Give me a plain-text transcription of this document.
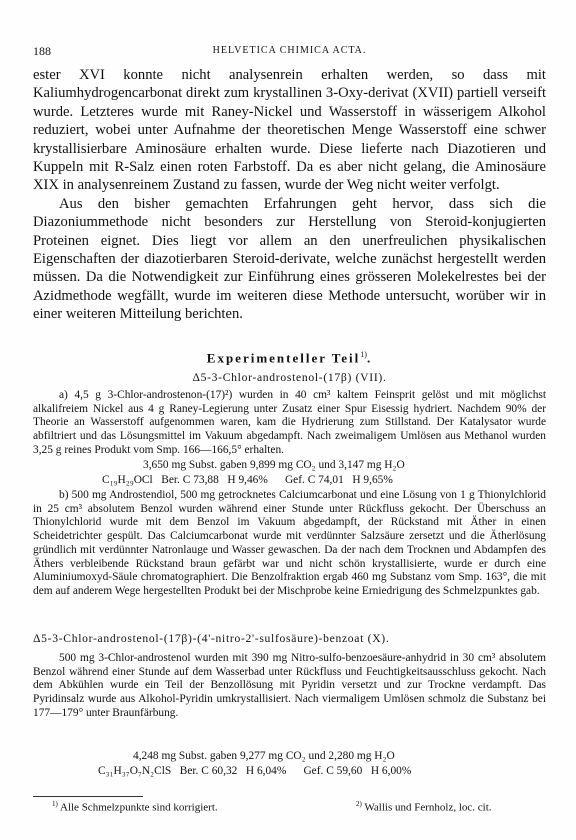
188	HELVETICA CHIMICA ACTA.

ester XVI konnte nicht analysenrein erhalten werden, so dass mit Kaliumhydrogencarbonat direkt zum krystallinen 3-Oxy-derivat (XVII) partiell verseift wurde. Letzteres wurde mit Raney-Nickel und Wasserstoff in wässerigem Alkohol reduziert, wobei unter Aufnahme der theoretischen Menge Wasserstoff eine schwer krystallisierbare Aminosäure erhalten wurde. Diese lieferte nach Diazotieren und Kuppeln mit R-Salz einen roten Farbstoff. Da es aber nicht gelang, die Aminosäure XIX in analysenreinem Zustand zu fassen, wurde der Weg nicht weiter verfolgt.

Aus den bisher gemachten Erfahrungen geht hervor, dass sich die Diazoniummethode nicht besonders zur Herstellung von Steroid-konjugierten Proteinen eignet. Dies liegt vor allem an den unerfreulichen physikalischen Eigenschaften der diazotierbaren Steroid-derivate, welche zunächst hergestellt werden müssen. Da die Notwendigkeit zur Einführung eines grösseren Molekelrestes bei der Azidmethode wegfällt, wurde im weiteren diese Methode untersucht, worüber wir in einer weiteren Mitteilung berichten.

Experimenteller Teil$^{1)}$.
Δ5-3-Chlor-androstenol-(17β) (VII).

a) 4,5 g 3-Chlor-androstenon-(17)²) wurden in 40 cm³ kaltem Feinsprit gelöst und mit möglichst alkalifreiem Nickel aus 4 g Raney-Legierung unter Zusatz einer Spur Eisessig hydriert. Nachdem 90% der Theorie an Wasserstoff aufgenommen waren, kam die Hydrierung zum Stillstand. Der Katalysator wurde abfiltriert und das Lösungsmittel im Vakuum abgedampft. Nach zweimaligem Umlösen aus Methanol wurden 3,25 g reines Produkt vom Smp. 166—166,5° erhalten.

3,650 mg Subst. gaben 9,899 mg CO₂ und 3,147 mg H₂O
C₁₉H₂₉OCl   Ber. C 73,88   H 9,46%      Gef. C 74,01   H 9,65%

b) 500 mg Androstendiol, 500 mg getrocknetes Calciumcarbonat und eine Lösung von 1 g Thionylchlorid in 25 cm³ absolutem Benzol wurden während einer Stunde unter Rückfluss gekocht. Der Überschuss an Thionylchlorid wurde mit dem Benzol im Vakuum abgedampft, der Rückstand mit Äther in einen Scheidetrichter gespült. Das Calciumcarbonat wurde mit verdünnter Salzsäure zersetzt und die Ätherlösung gründlich mit verdünnter Natronlauge und Wasser gewaschen. Da der nach dem Trocknen und Abdampfen des Äthers verbleibende Rückstand braun gefärbt war und nicht schön krystallisierte, wurde er durch eine Aluminiumoxyd-Säule chromatographiert. Die Benzolfraktion ergab 460 mg Substanz vom Smp. 163°, die mit dem auf anderem Wege hergestellten Produkt bei der Mischprobe keine Erniedrigung des Schmelzpunktes gab.

Δ5-3-Chlor-androstenol-(17β)-(4'-nitro-2'-sulfosäure)-benzoat (X).

500 mg 3-Chlor-androstenol wurden mit 390 mg Nitro-sulfo-benzoesäure-anhydrid in 30 cm³ absolutem Benzol während einer Stunde auf dem Wasserbad unter Rückfluss und Feuchtigkeitsausschluss gekocht. Nach dem Abkühlen wurde ein Teil der Benzollösung mit Pyridin versetzt und zur Trockne verdampft. Das Pyridinsalz wurde aus Alkohol-Pyridin umkrystallisiert. Nach viermaligem Umlösen schmolz die Substanz bei 177—179° unter Braunfärbung.

4,248 mg Subst. gaben 9,277 mg CO₂ und 2,280 mg H₂O
C₃₁H₃₇O₇N₂ClS   Ber. C 60,32   H 6,04%      Gef. C 59,60   H 6,00%
$^{1)}$ Alle Schmelzpunkte sind korrigiert.	$^{2)}$ Wallis und Fernholz, loc. cit.
